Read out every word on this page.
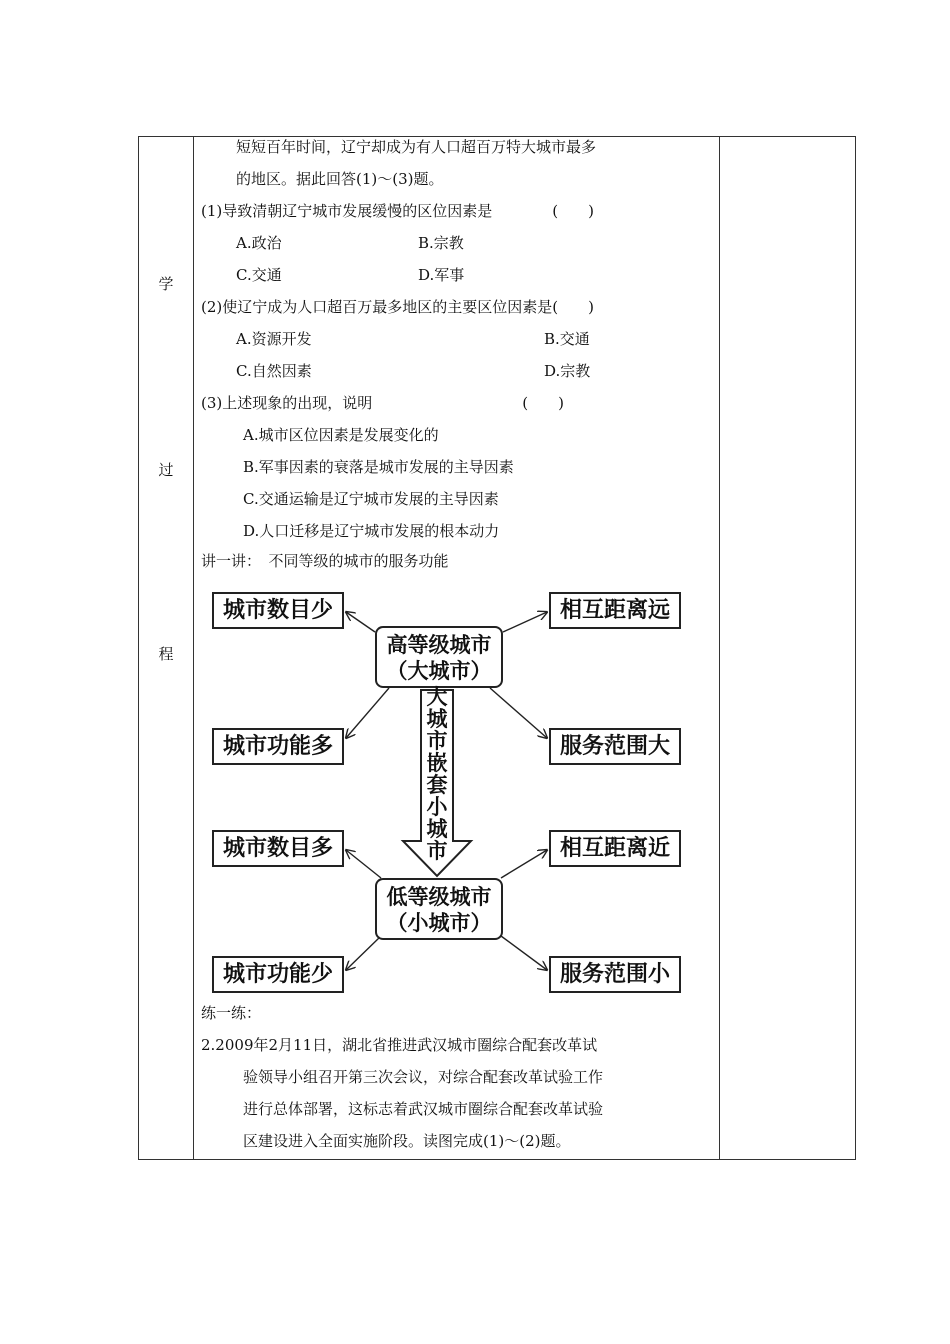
学
过
程
短短百年时间，辽宁却成为有人口超百万特大城市最多
的地区。据此回答(1)～(3)题。
(1)导致清朝辽宁城市发展缓慢的区位因素是　　　　(　　)
A.政治	B.宗教
C.交通	D.军事
(2)使辽宁成为人口超百万最多地区的主要区位因素是(　　)
A.资源开发	B.交通
C.自然因素	D.宗教
(3)上述现象的出现，说明　　　　　　　　　　(　　)
A.城市区位因素是发展变化的
B.军事因素的衰落是城市发展的主导因素
C.交通运输是辽宁城市发展的主导因素
D.人口迁移是辽宁城市发展的根本动力
讲一讲：　不同等级的城市的服务功能
城市数目少	相互距离远
高等级城市
（大城市）
城市功能多	服务范围大
大
城
市
嵌
套
小
城
市
城市数目多	相互距离近
低等级城市
（小城市）
城市功能少	服务范围小
练一练：
2.2009年2月11日，湖北省推进武汉城市圈综合配套改革试
验领导小组召开第三次会议，对综合配套改革试验工作
进行总体部署，这标志着武汉城市圈综合配套改革试验
区建设进入全面实施阶段。读图完成(1)～(2)题。
